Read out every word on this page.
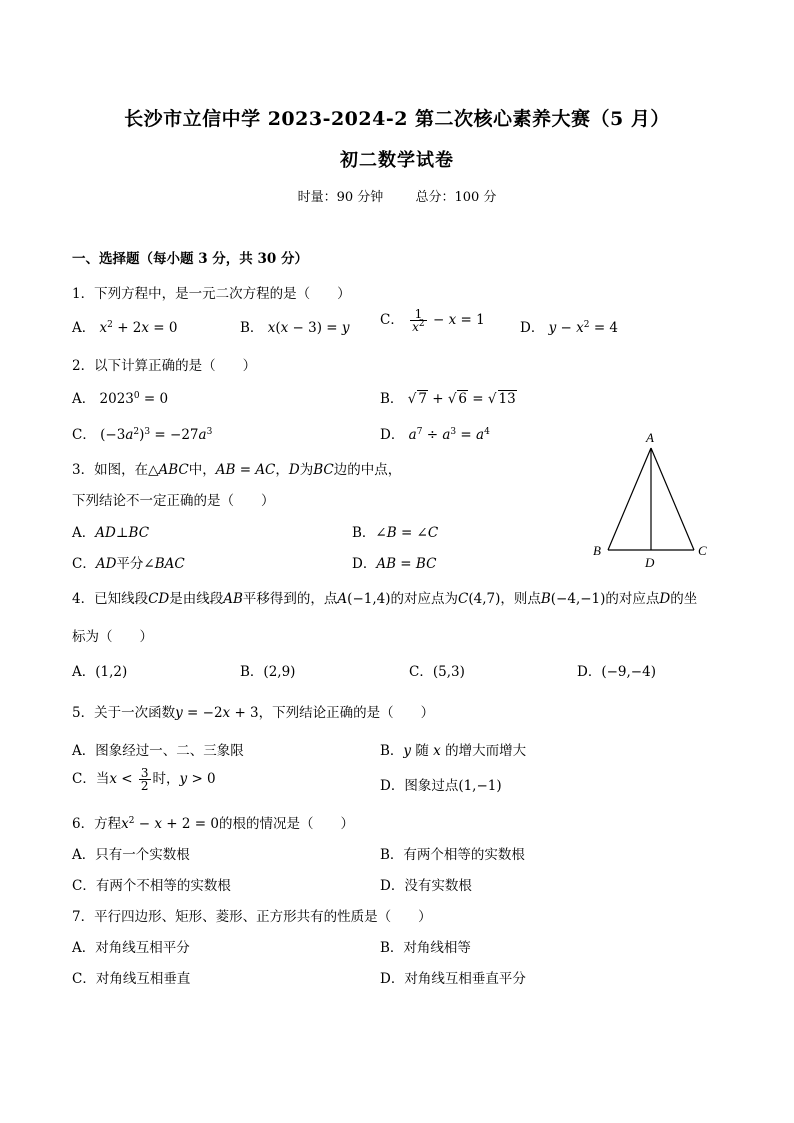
长沙市立信中学 2023-2024-2 第二次核心素养大赛（5 月）
初二数学试卷
时量：90 分钟 总分：100 分
一、选择题（每小题 3 分，共 30 分）
1．下列方程中，是一元二次方程的是（　　）
A． $x^2 + 2x = 0$	B． x(x − 3) = y C． $\frac{1}{x^2} - x = 1$	D． $y - x^2 = 4$
2．以下计算正确的是（　　）
A． $2023^0 = 0$	B． √ 7 + √ 6 = √ 13
C． $(-3a^2)^3 = -27a^3$	D． $a^7 \div a^3 = a^4$
3．如图，在△ABC中，AB = AC，D为BC边的中点，
下列结论不一定正确的是（　　）
A．AD⊥BC	B．∠B = ∠C
C．AD平分∠BAC	D．AB = BC
A
B	C
D
4．已知线段CD是由线段AB平移得到的，点A(−1,4)的对应点为C(4,7)，则点B(−4,−1)的对应点D的坐
标为（　　）
A．(1,2)	B．(2,9)	C．(5,3)	D．(−9,−4)
5．关于一次函数y = −2x + 3，下列结论正确的是（　　）
A．图象经过一、二、三象限	B．y 随 x 的增大而增大
C．当$x < \frac{3}{2}$ 时，y > 0	D．图象过点(1,−1)
6．方程$x^2 - x + 2 = 0$的根的情况是（　　）
A．只有一个实数根	B．有两个相等的实数根
C．有两个不相等的实数根	D．没有实数根
7．平行四边形、矩形、菱形、正方形共有的性质是（　　）
A．对角线互相平分	B．对角线相等
C．对角线互相垂直	D．对角线互相垂直平分
